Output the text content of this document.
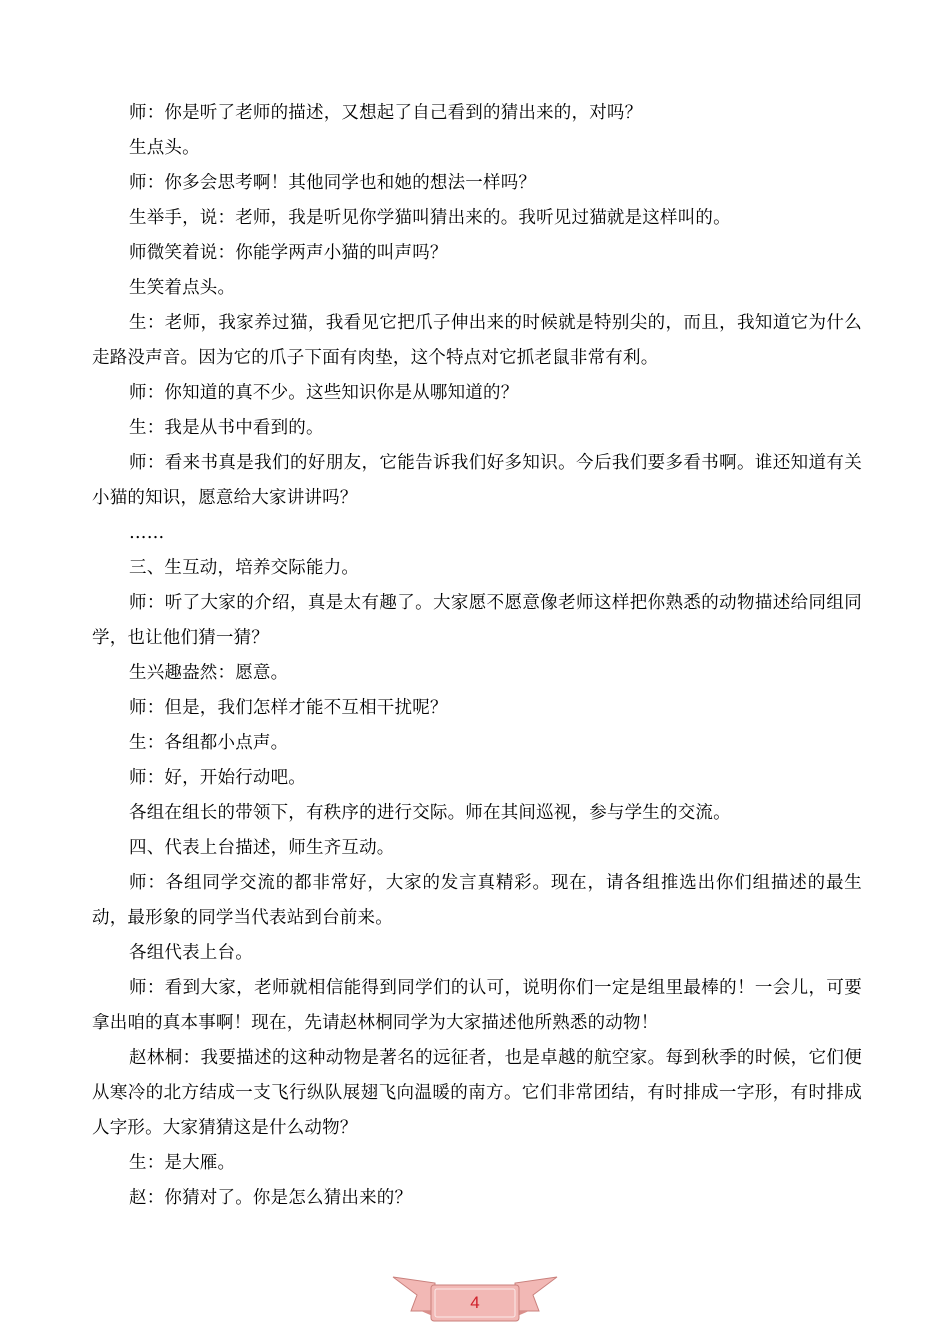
师：你是听了老师的描述，又想起了自己看到的猜出来的，对吗？

生点头。

师：你多会思考啊！其他同学也和她的想法一样吗？

生举手，说：老师，我是听见你学猫叫猜出来的。我听见过猫就是这样叫的。

师微笑着说：你能学两声小猫的叫声吗？

生笑着点头。

生：老师，我家养过猫，我看见它把爪子伸出来的时候就是特别尖的，而且，我知道它为什么走路没声音。因为它的爪子下面有肉垫，这个特点对它抓老鼠非常有利。

师：你知道的真不少。这些知识你是从哪知道的？

生：我是从书中看到的。

师：看来书真是我们的好朋友，它能告诉我们好多知识。今后我们要多看书啊。谁还知道有关小猫的知识，愿意给大家讲讲吗？

……

三、生互动，培养交际能力。

师：听了大家的介绍，真是太有趣了。大家愿不愿意像老师这样把你熟悉的动物描述给同组同学，也让他们猜一猜？

生兴趣盎然：愿意。

师：但是，我们怎样才能不互相干扰呢？

生：各组都小点声。

师：好，开始行动吧。

各组在组长的带领下，有秩序的进行交际。师在其间巡视，参与学生的交流。

四、代表上台描述，师生齐互动。

师：各组同学交流的都非常好，大家的发言真精彩。现在，请各组推选出你们组描述的最生动，最形象的同学当代表站到台前来。

各组代表上台。

师：看到大家，老师就相信能得到同学们的认可，说明你们一定是组里最棒的！一会儿，可要拿出咱的真本事啊！现在，先请赵林桐同学为大家描述他所熟悉的动物！

赵林桐：我要描述的这种动物是著名的远征者，也是卓越的航空家。每到秋季的时候，它们便从寒冷的北方结成一支飞行纵队展翅飞向温暖的南方。它们非常团结，有时排成一字形，有时排成人字形。大家猜猜这是什么动物？

生：是大雁。

赵：你猜对了。你是怎么猜出来的？

4
